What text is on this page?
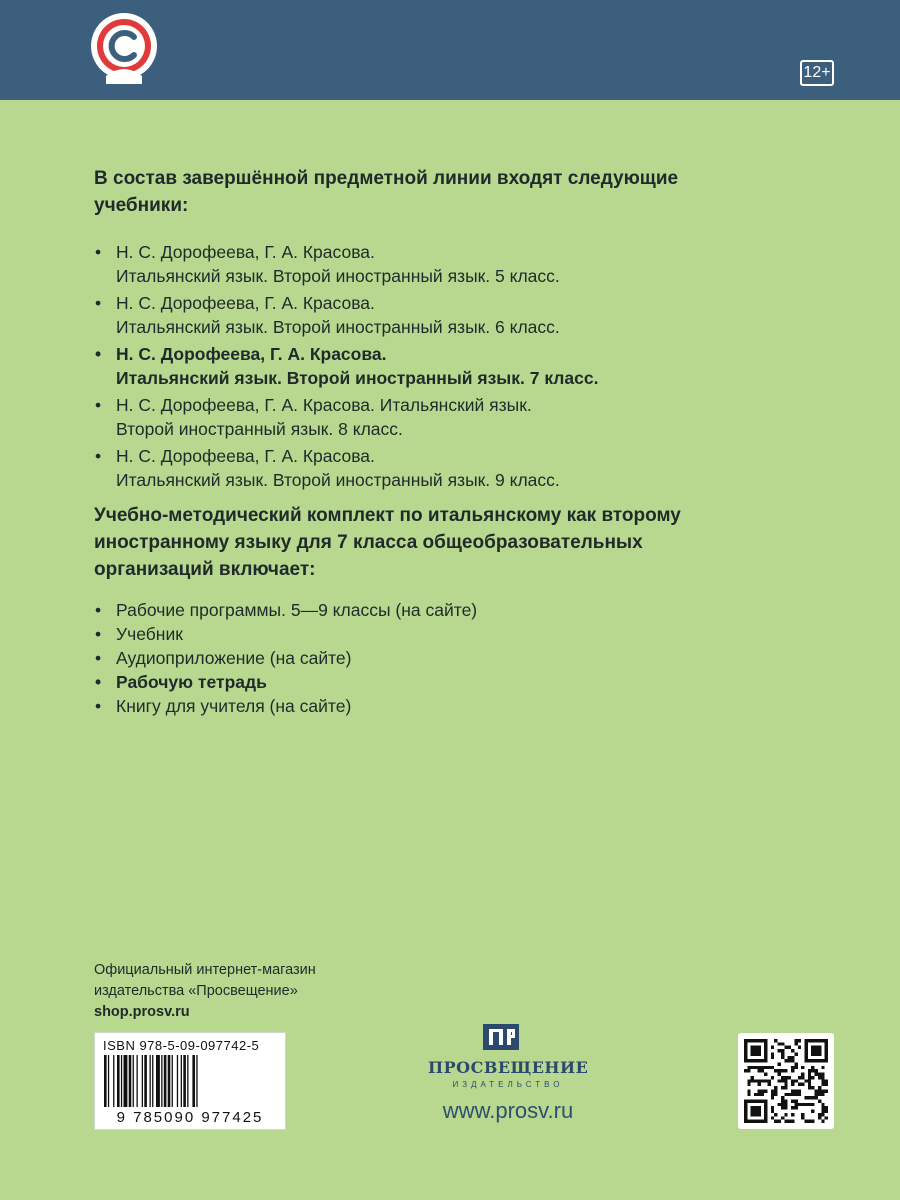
12+
В состав завершённой предметной линии входят следующие
учебники:
• Н. С. Дорофеева, Г. А. Красова.
Итальянский язык. Второй иностранный язык. 5 класс.
• Н. С. Дорофеева, Г. А. Красова.
Итальянский язык. Второй иностранный язык. 6 класс.
• Н. С. Дорофеева, Г. А. Красова.
Итальянский язык. Второй иностранный язык. 7 класс.
• Н. С. Дорофеева, Г. А. Красова. Итальянский язык.
Второй иностранный язык. 8 класс.
• Н. С. Дорофеева, Г. А. Красова.
Итальянский язык. Второй иностранный язык. 9 класс.
Учебно-методический комплект по итальянскому как второму
иностранному языку для 7 класса общеобразовательных
организаций включает:
• Рабочие программы. 5—9 классы (на сайте)
• Учебник
• Аудиоприложение (на сайте)
• Рабочую тетрадь
• Книгу для учителя (на сайте)
Официальный интернет-магазин
издательства «Просвещение»
shop.prosv.ru
ISBN 978-5-09-097742-5
9 785090 977425
ПРОСВЕЩЕНИЕ
ИЗДАТЕЛЬСТВО
www.prosv.ru
